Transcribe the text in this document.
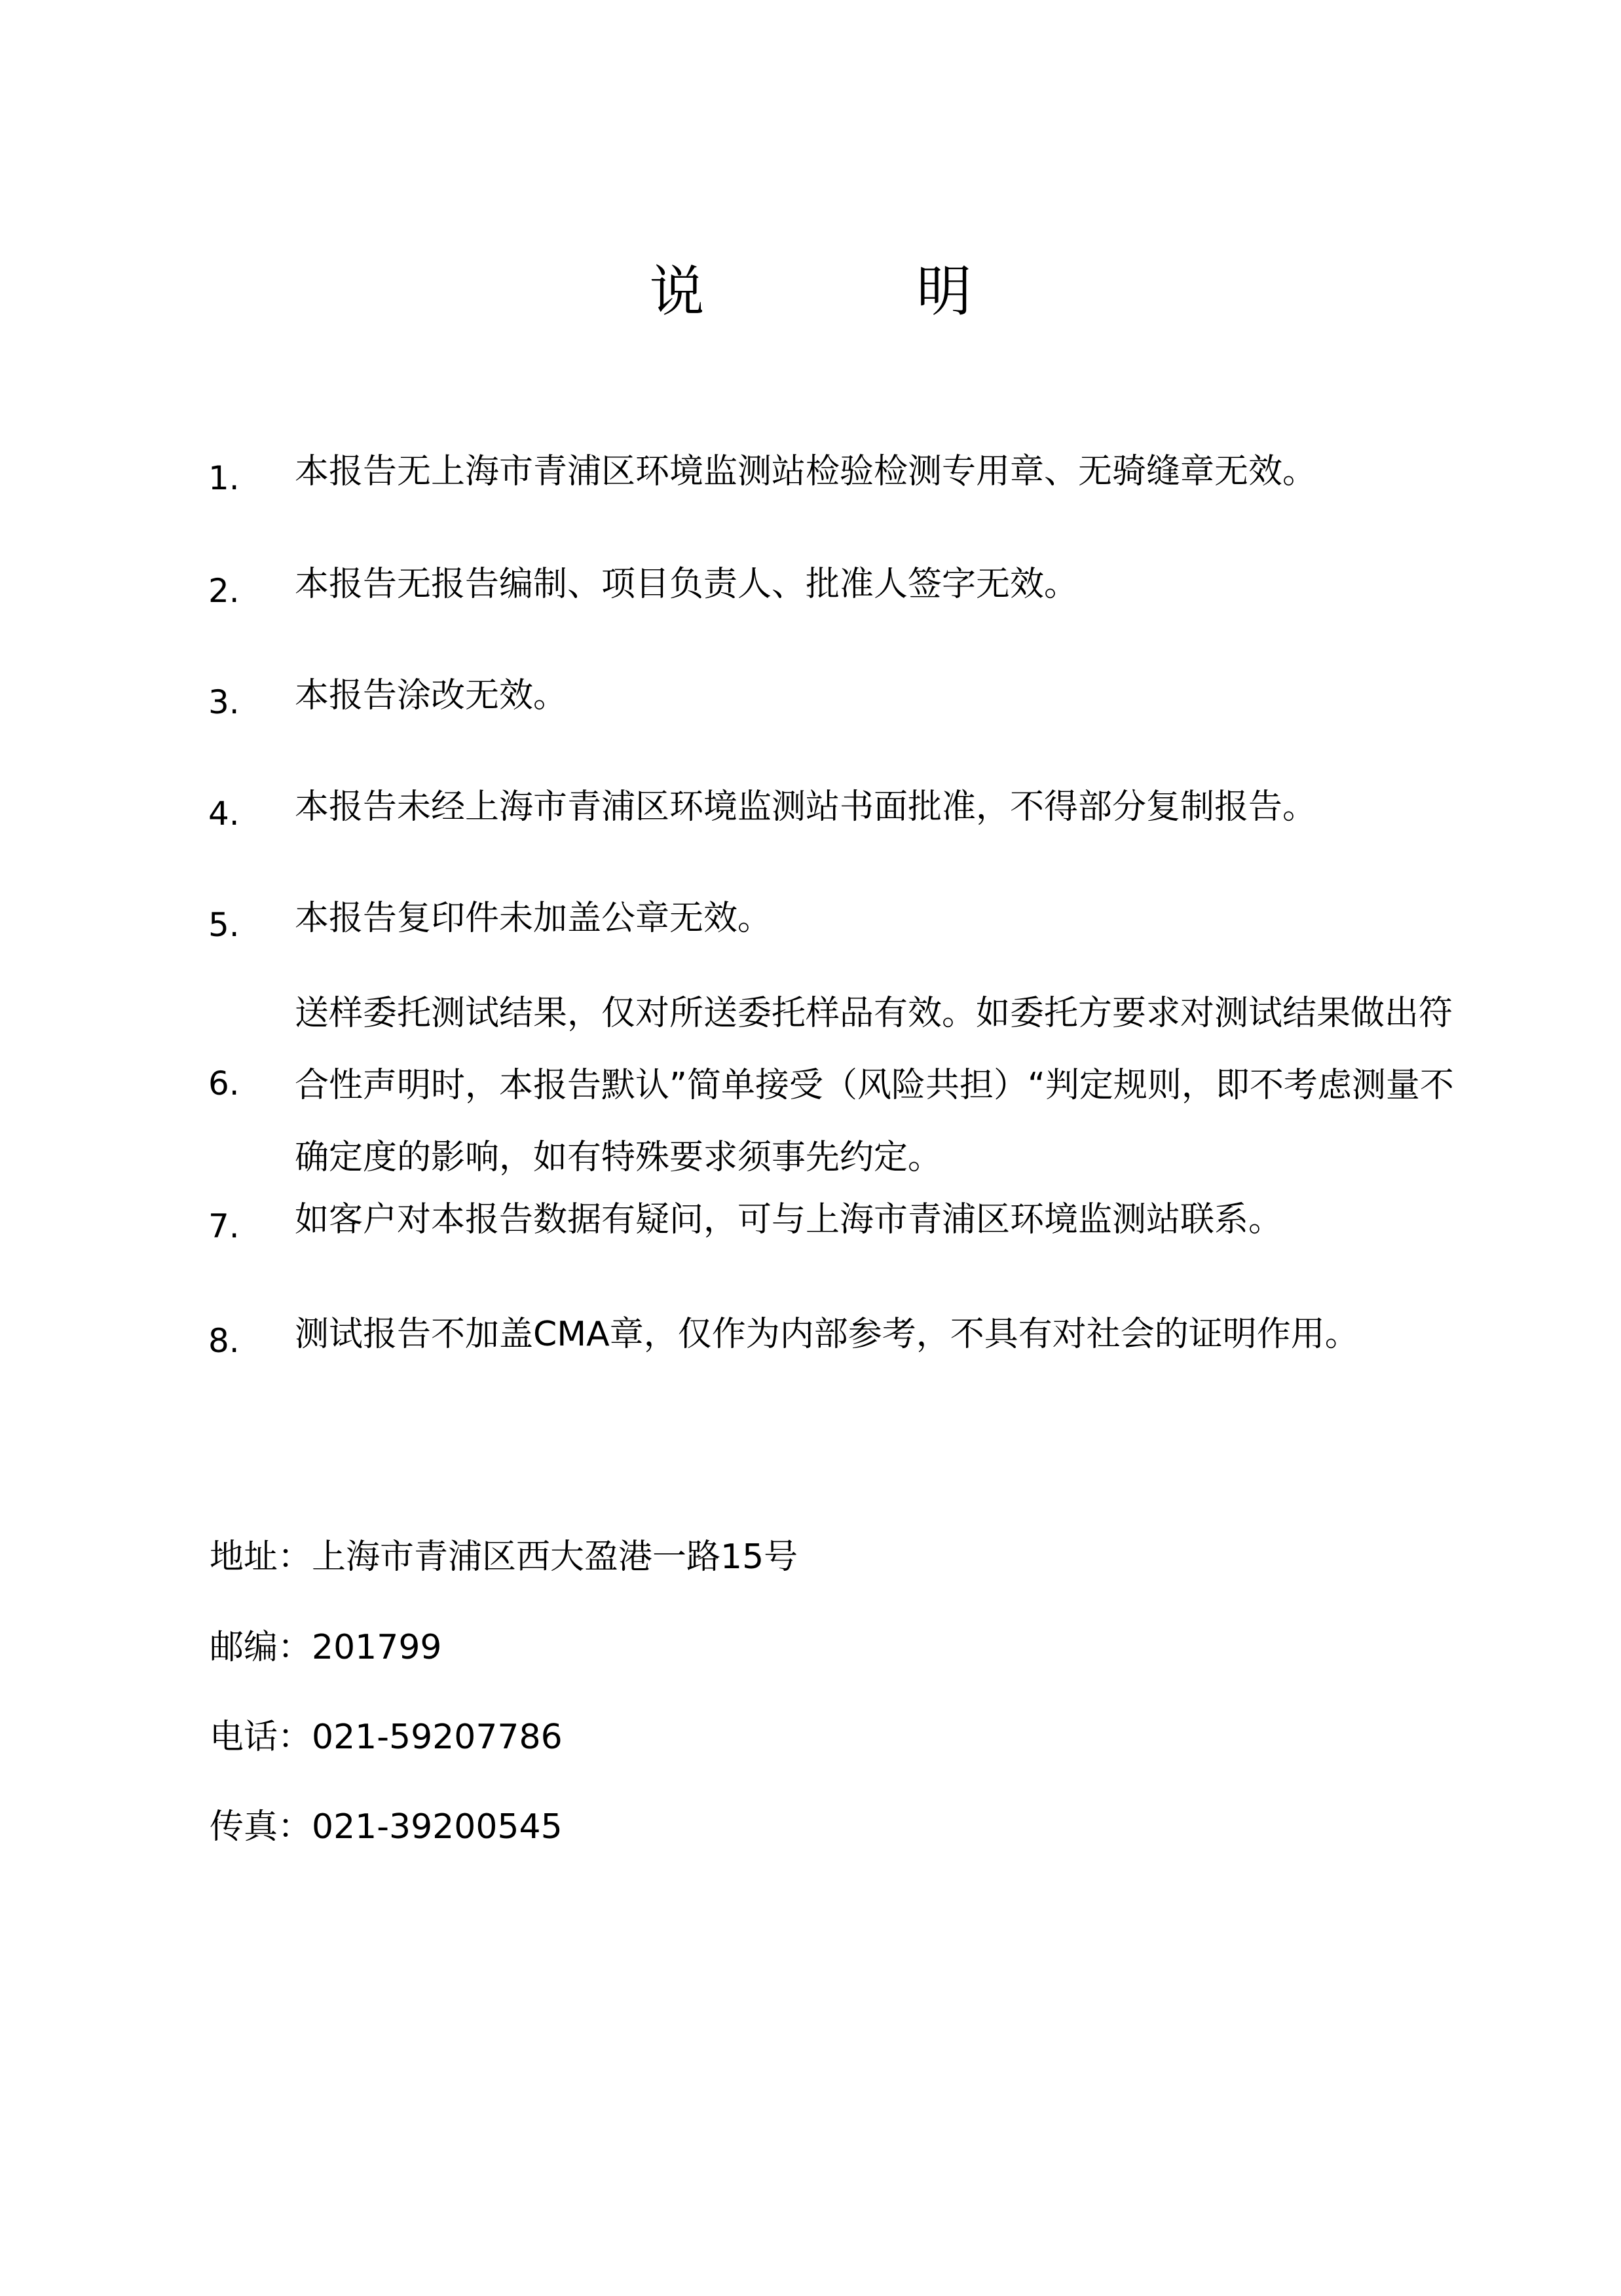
说　明
1.	本报告无上海市青浦区环境监测站检验检测专用章、无骑缝章无效。
2.	本报告无报告编制、项目负责人、批准人签字无效。
3.	本报告涂改无效。
4.	本报告未经上海市青浦区环境监测站书面批准，不得部分复制报告。
5.	本报告复印件未加盖公章无效。
6.
送样委托测试结果，仅对所送委托样品有效。如委托方要求对测试结果做出符合性声明时，本报告默认”简单接受（风险共担）“判定规则，即不考虑测量不确定度的影响，如有特殊要求须事先约定。
7.	如客户对本报告数据有疑问，可与上海市青浦区环境监测站联系。
8.	测试报告不加盖CMA章，仅作为内部参考，不具有对社会的证明作用。
地址：上海市青浦区西大盈港一路15号
邮编：201799
电话：021-59207786
传真：021-39200545
